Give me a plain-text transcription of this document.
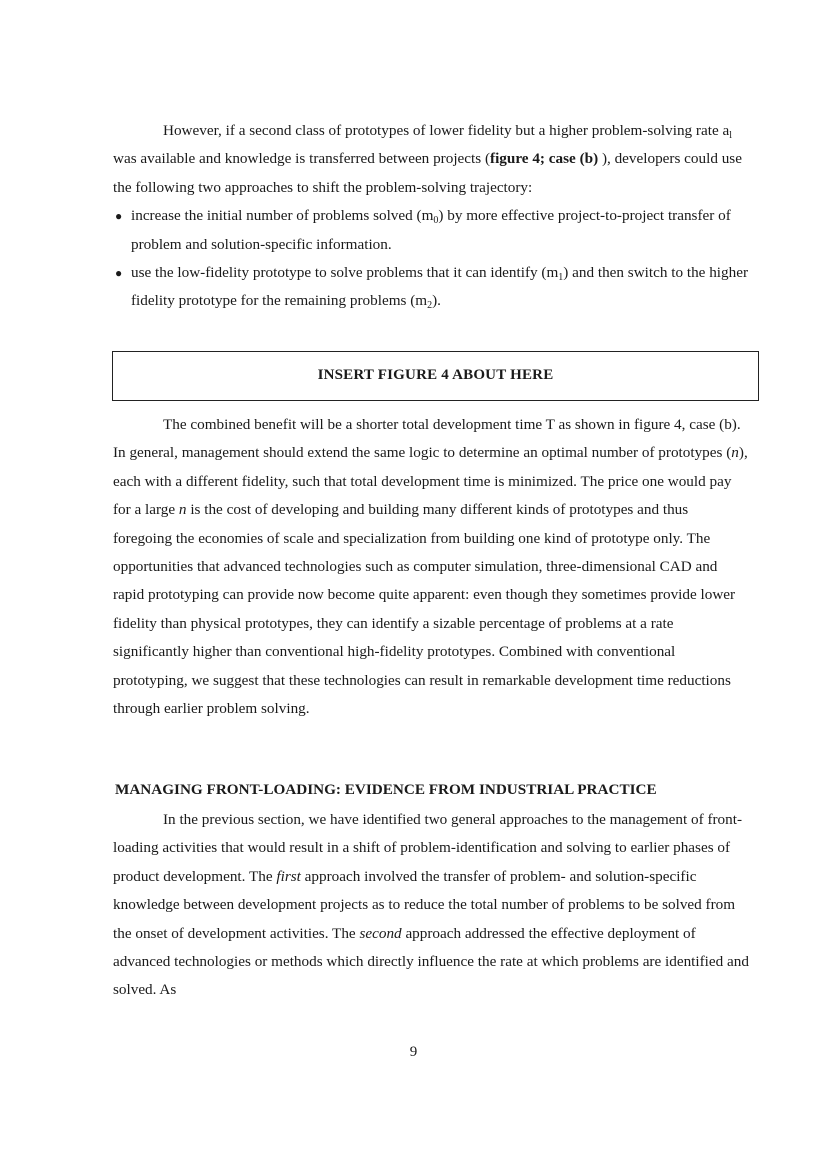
However, if a second class of prototypes of lower fidelity but a higher problem-solving rate $a_l$ was available and knowledge is transferred between projects (figure 4; case (b) ), developers could use the following two approaches to shift the problem-solving trajectory:

● increase the initial number of problems solved $(m_0)$ by more effective project-to-project transfer of problem and solution-specific information.
● use the low-fidelity prototype to solve problems that it can identify $(m_1)$ and then switch to the higher fidelity prototype for the remaining problems $(m_2)$.
INSERT FIGURE 4 ABOUT HERE

The combined benefit will be a shorter total development time T as shown in figure 4, case (b). In general, management should extend the same logic to determine an optimal number of prototypes (n), each with a different fidelity, such that total development time is minimized. The price one would pay for a large n is the cost of developing and building many different kinds of prototypes and thus foregoing the economies of scale and specialization from building one kind of prototype only. The opportunities that advanced technologies such as computer simulation, three-dimensional CAD and rapid prototyping can provide now become quite apparent: even though they sometimes provide lower fidelity than physical prototypes, they can identify a sizable percentage of problems at a rate significantly higher than conventional high-fidelity prototypes. Combined with conventional prototyping, we suggest that these technologies can result in remarkable development time reductions through earlier problem solving.

MANAGING FRONT-LOADING: EVIDENCE FROM INDUSTRIAL PRACTICE

In the previous section, we have identified two general approaches to the management of front-loading activities that would result in a shift of problem-identification and solving to earlier phases of product development. The first approach involved the transfer of problem- and solution-specific knowledge between development projects as to reduce the total number of problems to be solved from the onset of development activities. The second approach addressed the effective deployment of advanced technologies or methods which directly influence the rate at which problems are identified and solved. As

9
